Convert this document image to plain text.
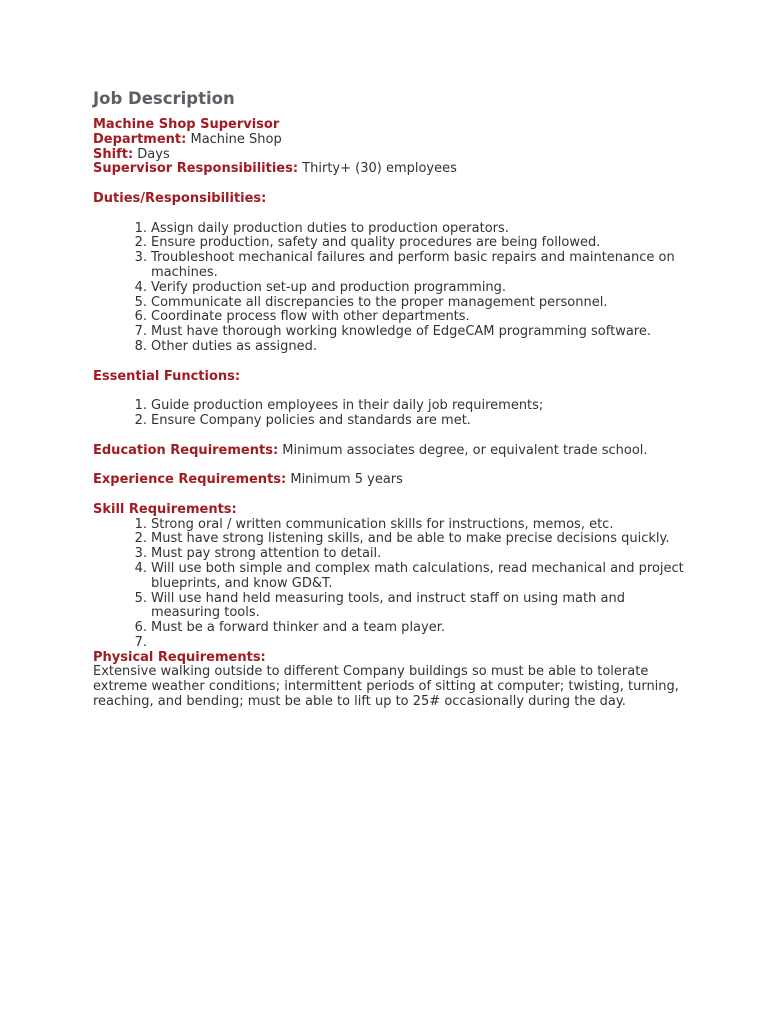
Job Description

Machine Shop Supervisor

Department: Machine Shop

Shift: Days

Supervisor Responsibilities: Thirty+ (30) employees

Duties/Responsibilities:

1. Assign daily production duties to production operators.
2. Ensure production, safety and quality procedures are being followed.
3. Troubleshoot mechanical failures and perform basic repairs and maintenance on machines.
4. Verify production set-up and production programming.
5. Communicate all discrepancies to the proper management personnel.
6. Coordinate process flow with other departments.
7. Must have thorough working knowledge of EdgeCAM programming software.
8. Other duties as assigned.

Essential Functions:

1. Guide production employees in their daily job requirements;
2. Ensure Company policies and standards are met.

Education Requirements: Minimum associates degree, or equivalent trade school.

Experience Requirements: Minimum 5 years

Skill Requirements:

1. Strong oral / written communication skills for instructions, memos, etc.
2. Must have strong listening skills, and be able to make precise decisions quickly.
3. Must pay strong attention to detail.
4. Will use both simple and complex math calculations, read mechanical and project blueprints, and know GD&T.
5. Will use hand held measuring tools, and instruct staff on using math and measuring tools.
6. Must be a forward thinker and a team player.
7.

Physical Requirements:

Extensive walking outside to different Company buildings so must be able to tolerate extreme weather conditions; intermittent periods of sitting at computer; twisting, turning, reaching, and bending; must be able to lift up to 25# occasionally during the day.
